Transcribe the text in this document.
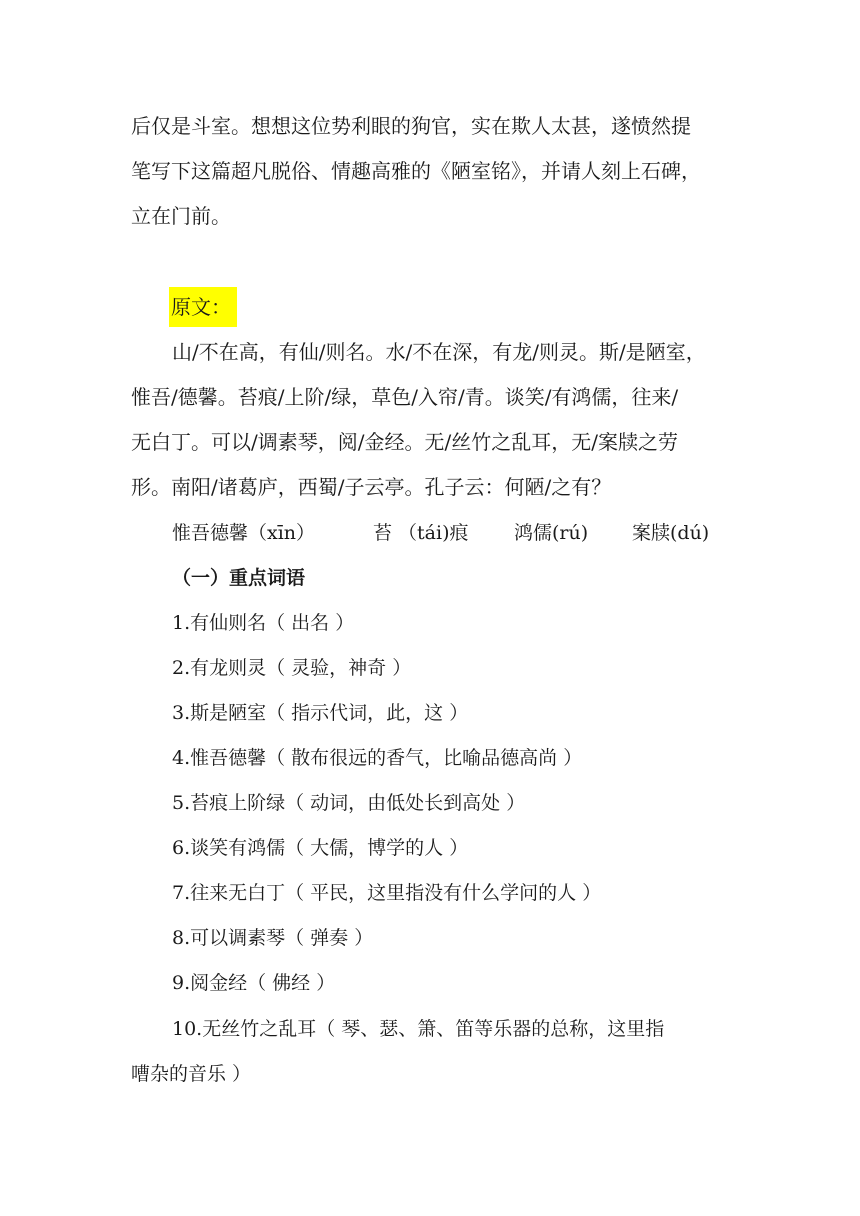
后仅是斗室。想想这位势利眼的狗官，实在欺人太甚，遂愤然提
笔写下这篇超凡脱俗、情趣高雅的《陋室铭》，并请人刻上石碑，
立在门前。
原文：
山/不在高，有仙/则名。水/不在深，有龙/则灵。斯/是陋室，
惟吾/德馨。苔痕/上阶/绿，草色/入帘/青。谈笑/有鸿儒，往来/
无白丁。可以/调素琴，阅/金经。无/丝竹之乱耳，无/案牍之劳
形。南阳/诸葛庐，西蜀/子云亭。孔子云：何陋/之有？
惟吾德馨（xīn）	苔 （tái)痕 鸿儒(rú) 案牍(dú)
（一）重点词语
1.有仙则名（ 出名 ）
2.有龙则灵（ 灵验，神奇 ）
3.斯是陋室（ 指示代词，此，这 ）
4.惟吾德馨（ 散布很远的香气，比喻品德高尚 ）
5.苔痕上阶绿（ 动词，由低处长到高处 ）
6.谈笑有鸿儒（ 大儒，博学的人 ）
7.往来无白丁（ 平民，这里指没有什么学问的人 ）
8.可以调素琴（ 弹奏 ）
9.阅金经（ 佛经 ）
10.无丝竹之乱耳（ 琴、瑟、箫、笛等乐器的总称，这里指
嘈杂的音乐 ）
